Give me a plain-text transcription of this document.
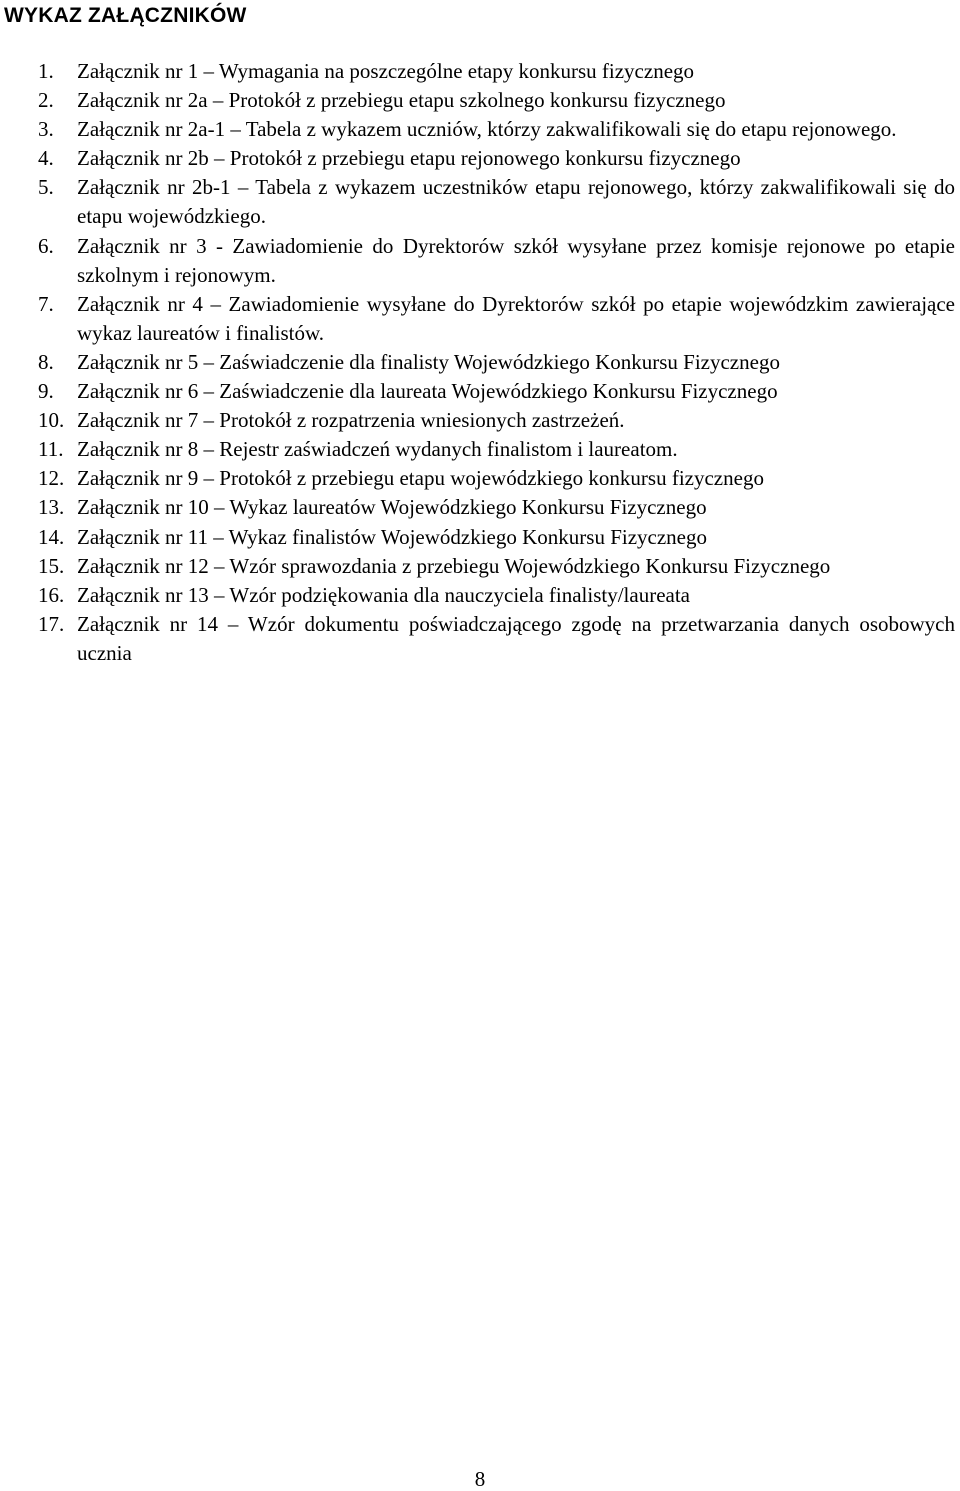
WYKAZ ZAŁĄCZNIKÓW
1. Załącznik nr 1 – Wymagania na poszczególne etapy konkursu fizycznego
2. Załącznik nr 2a – Protokół z przebiegu etapu szkolnego konkursu fizycznego
3. Załącznik nr 2a-1 – Tabela z wykazem uczniów, którzy zakwalifikowali się do etapu rejonowego.
4. Załącznik nr 2b – Protokół z przebiegu etapu rejonowego konkursu fizycznego
5. Załącznik nr 2b-1 – Tabela z wykazem uczestników etapu rejonowego, którzy zakwalifikowali się do etapu wojewódzkiego.
6. Załącznik nr 3 - Zawiadomienie do Dyrektorów szkół wysyłane przez komisje rejonowe po etapie szkolnym i rejonowym.
7. Załącznik nr 4 – Zawiadomienie wysyłane do Dyrektorów szkół po etapie wojewódzkim zawierające wykaz laureatów i finalistów.
8. Załącznik nr 5 – Zaświadczenie dla finalisty Wojewódzkiego Konkursu Fizycznego
9. Załącznik nr 6 – Zaświadczenie dla laureata Wojewódzkiego Konkursu Fizycznego
10. Załącznik nr 7 – Protokół z rozpatrzenia wniesionych zastrzeżeń.
11. Załącznik nr 8 – Rejestr zaświadczeń wydanych finalistom i laureatom.
12. Załącznik nr 9 – Protokół z przebiegu etapu wojewódzkiego konkursu fizycznego
13. Załącznik nr 10 – Wykaz laureatów Wojewódzkiego Konkursu Fizycznego
14. Załącznik nr 11 – Wykaz finalistów Wojewódzkiego Konkursu Fizycznego
15. Załącznik nr 12 – Wzór sprawozdania z przebiegu Wojewódzkiego Konkursu Fizycznego
16. Załącznik nr 13 – Wzór podziękowania dla nauczyciela finalisty/laureata
17. Załącznik nr 14 – Wzór dokumentu poświadczającego zgodę na przetwarzania danych osobowych ucznia
8
